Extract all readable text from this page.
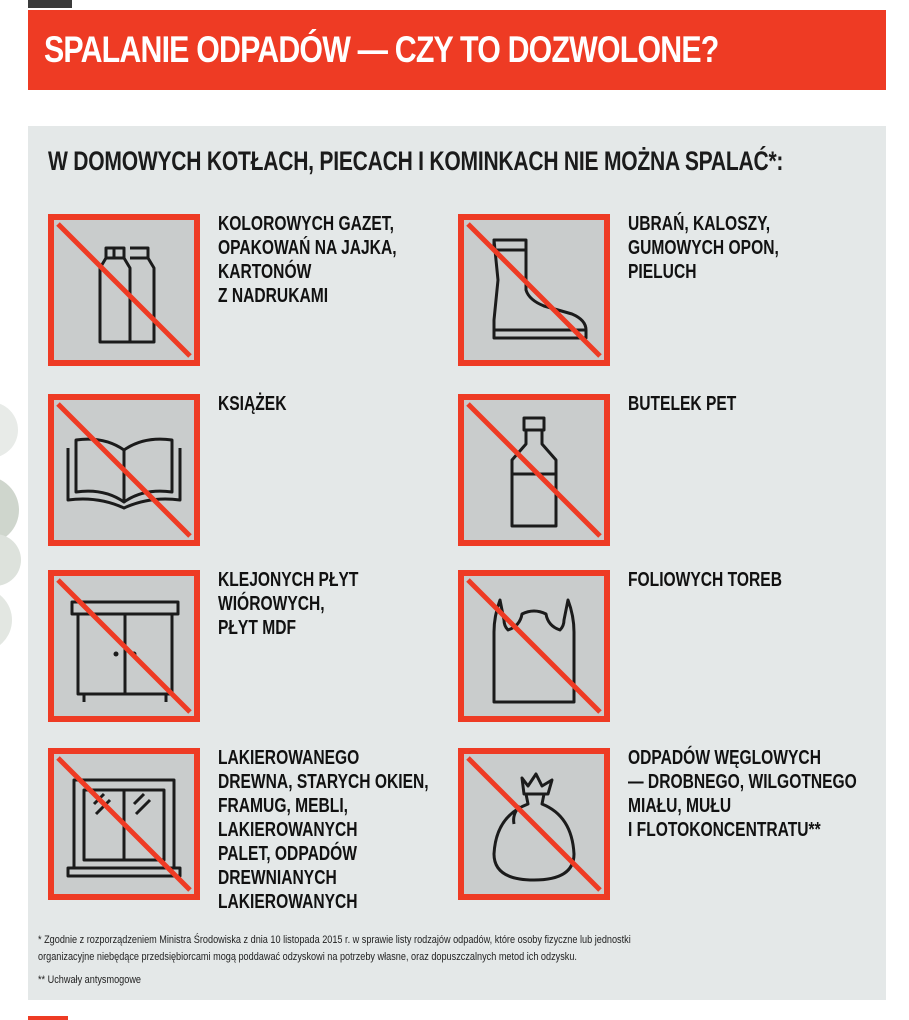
SPALANIE ODPADÓW — CZY TO DOZWOLONE?
W DOMOWYCH KOTŁACH, PIECACH I KOMINKACH NIE MOŻNA SPALAĆ*:
KOLOROWYCH GAZET,
OPAKOWAŃ NA JAJKA,
KARTONÓW
Z NADRUKAMI
UBRAŃ, KALOSZY,
GUMOWYCH OPON,
PIELUCH
KSIĄŻEK	BUTELEK PET
KLEJONYCH PŁYT
WIÓROWYCH,
PŁYT MDF
FOLIOWYCH TOREB
LAKIEROWANEGO
DREWNA, STARYCH OKIEN,
FRAMUG, MEBLI,
LAKIEROWANYCH
PALET, ODPADÓW
DREWNIANYCH
LAKIEROWANYCH
ODPADÓW WĘGLOWYCH
— DROBNEGO, WILGOTNEGO
MIAŁU, MUŁU
I FLOTOKONCENTRATU**
* Zgodnie z rozporządzeniem Ministra Środowiska z dnia 10 listopada 2015 r. w sprawie listy rodzajów odpadów, które osoby fizyczne lub jednostki
organizacyjne niebędące przedsiębiorcami mogą poddawać odzyskowi na potrzeby własne, oraz dopuszczalnych metod ich odzysku.
** Uchwały antysmogowe
